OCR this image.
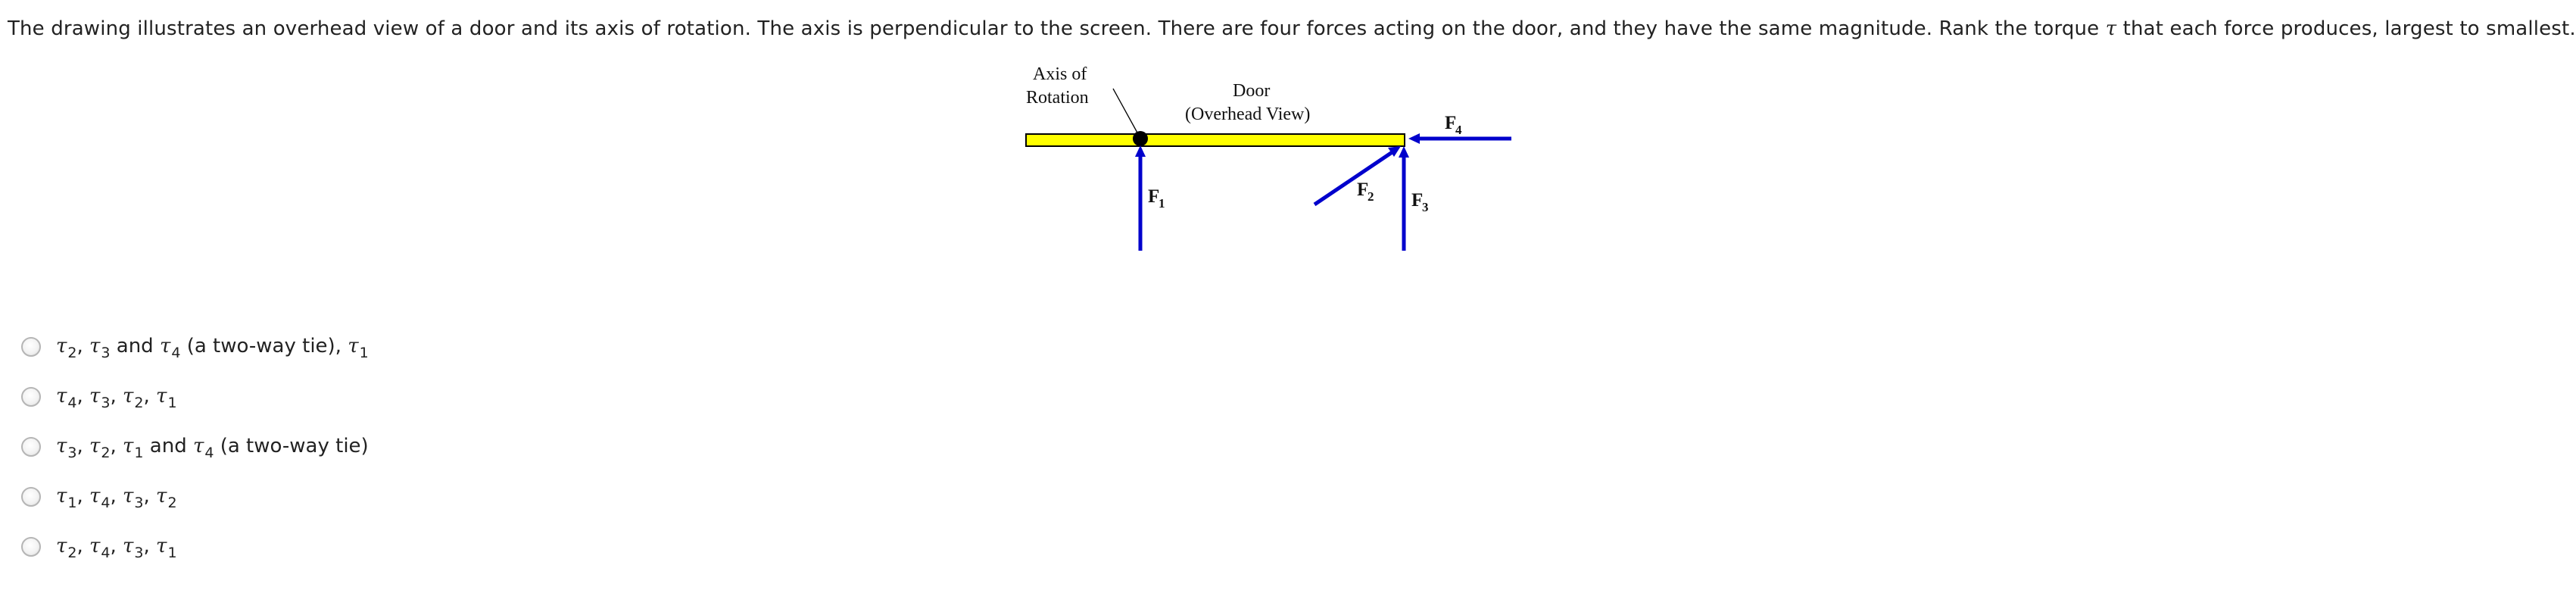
The drawing illustrates an overhead view of a door and its axis of rotation. The axis is perpendicular to the screen. There are four forces acting on the door, and they have the same magnitude. Rank the torque τ that each force produces, largest to smallest.
Axis of
Rotation	Door
(Overhead View)
F
1
F
2 F
3
F
4
$\tau_2$, $\tau_3$ and $\tau_4$ (a two-way tie), $\tau_1$
$\tau_4$, $\tau_3$, $\tau_2$, $\tau_1$
$\tau_3$, $\tau_2$, $\tau_1$ and $\tau_4$ (a two-way tie)
$\tau_1$, $\tau_4$, $\tau_3$, $\tau_2$
$\tau_2$, $\tau_4$, $\tau_3$, $\tau_1$
